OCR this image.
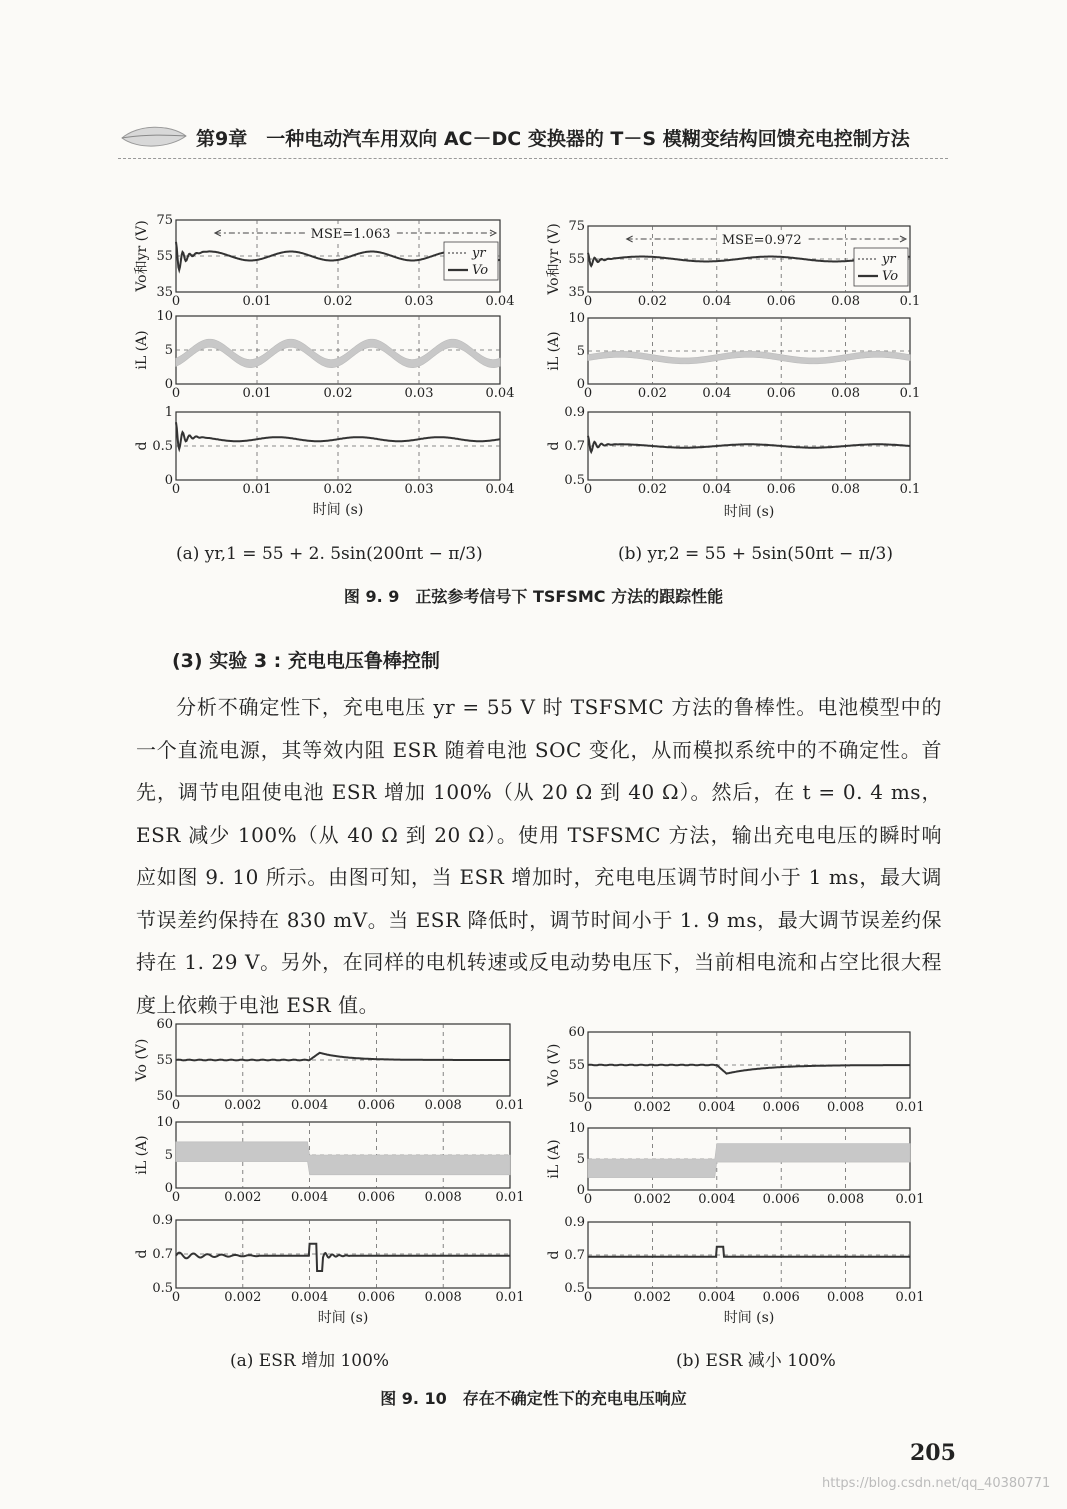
第9章　一种电动汽车用双向 AC－DC 变换器的 T－S 模糊变结构回馈充电控制方法
0	0.01	0.02	0.03	0.04
35
55
75
Vo和yr (V)	MSE=1.063
yr
Vo
0	0.01	0.02	0.03	0.04
0
5
10
iL (A)
0	0.01	0.02	0.03	0.04
0
0.5
1
d
时间 (s)
0	0.02	0.04	0.06	0.08	0.1
35
55
75
Vo和yr (V)	MSE=0.972
yr
Vo
0	0.02	0.04	0.06	0.08	0.1
0
5
10
iL (A)
0	0.02	0.04	0.06	0.08	0.1
0.5
0.7
0.9
d
时间 (s)
(a) yr,1 = 55 + 2. 5sin(200πt − π/3)	(b) yr,2 = 55 + 5sin(50πt − π/3)
图 9. 9　正弦参考信号下 TSFSMC 方法的跟踪性能
(3) 实验 3 : 充电电压鲁棒控制

分析不确定性下，充电电压 yr = 55 V 时 TSFSMC 方法的鲁棒性。电池模型中的一个直流电源，其等效内阻 ESR 随着电池 SOC 变化，从而模拟系统中的不确定性。首先，调节电阻使电池 ESR 增加 100%（从 20 Ω 到 40 Ω）。然后，在 t = 0. 4 ms，ESR 减少 100%（从 40 Ω 到 20 Ω）。使用 TSFSMC 方法，输出充电电压的瞬时响应如图 9. 10 所示。由图可知，当 ESR 增加时，充电电压调节时间小于 1 ms，最大调节误差约保持在 830 mV。当 ESR 降低时，调节时间小于 1. 9 ms，最大调节误差约保持在 1. 29 V。另外，在同样的电机转速或反电动势电压下，当前相电流和占空比很大程度上依赖于电池 ESR 值。

0	0.002 0.004 0.006 0.008	0.01
50
55
60
Vo (V)
0	0.002 0.004 0.006 0.008	0.01
0
5
10
iL (A)
0	0.002 0.004 0.006 0.008	0.01
0.5
0.7
0.9
d
时间 (s)
0	0.002 0.004 0.006 0.008 0.01
50
55
60
Vo (V)
0	0.002 0.004 0.006 0.008 0.01
0
5
10
iL (A)
0	0.002 0.004 0.006 0.008 0.01
0.5
0.7
0.9
d
时间 (s)
(a) ESR 增加 100%	(b) ESR 减小 100%
图 9. 10　存在不确定性下的充电电压响应
205
https://blog.csdn.net/qq_40380771
